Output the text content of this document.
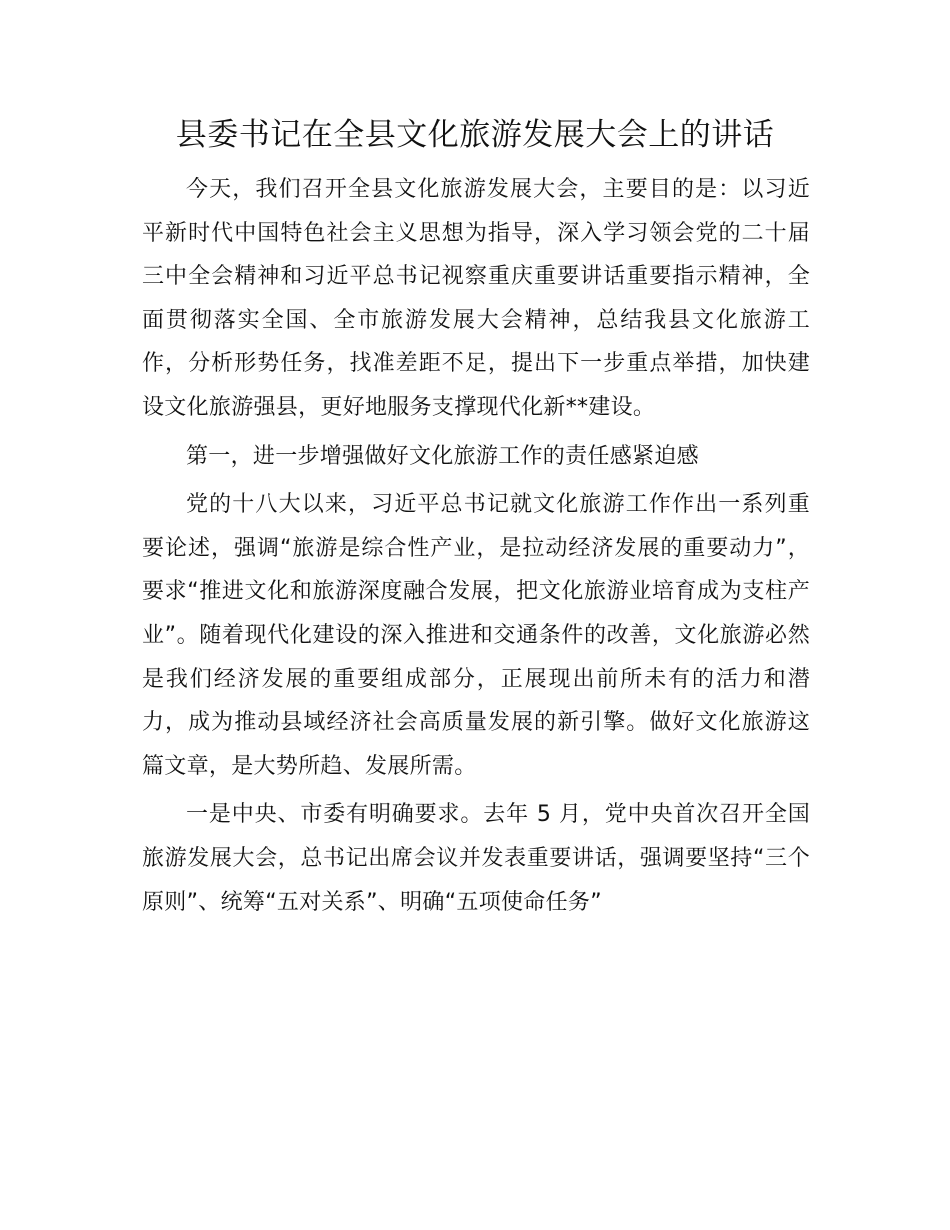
县委书记在全县文化旅游发展大会上的讲话

今天，我们召开全县文化旅游发展大会，主要目的是：以习近平新时代中国特色社会主义思想为指导，深入学习领会党的二十届三中全会精神和习近平总书记视察重庆重要讲话重要指示精神，全面贯彻落实全国、全市旅游发展大会精神，总结我县文化旅游工作，分析形势任务，找准差距不足，提出下一步重点举措，加快建设文化旅游强县，更好地服务支撑现代化新**建设。

第一，进一步增强做好文化旅游工作的责任感紧迫感

党的十八大以来，习近平总书记就文化旅游工作作出一系列重要论述，强调“旅游是综合性产业，是拉动经济发展的重要动力”，要求“推进文化和旅游深度融合发展，把文化旅游业培育成为支柱产业”。随着现代化建设的深入推进和交通条件的改善，文化旅游必然是我们经济发展的重要组成部分，正展现出前所未有的活力和潜力，成为推动县域经济社会高质量发展的新引擎。做好文化旅游这篇文章，是大势所趋、发展所需。

一是中央、市委有明确要求。去年 5 月，党中央首次召开全国旅游发展大会，总书记出席会议并发表重要讲话，强调要坚持“三个原则”、统筹“五对关系”、明确“五项使命任务”
